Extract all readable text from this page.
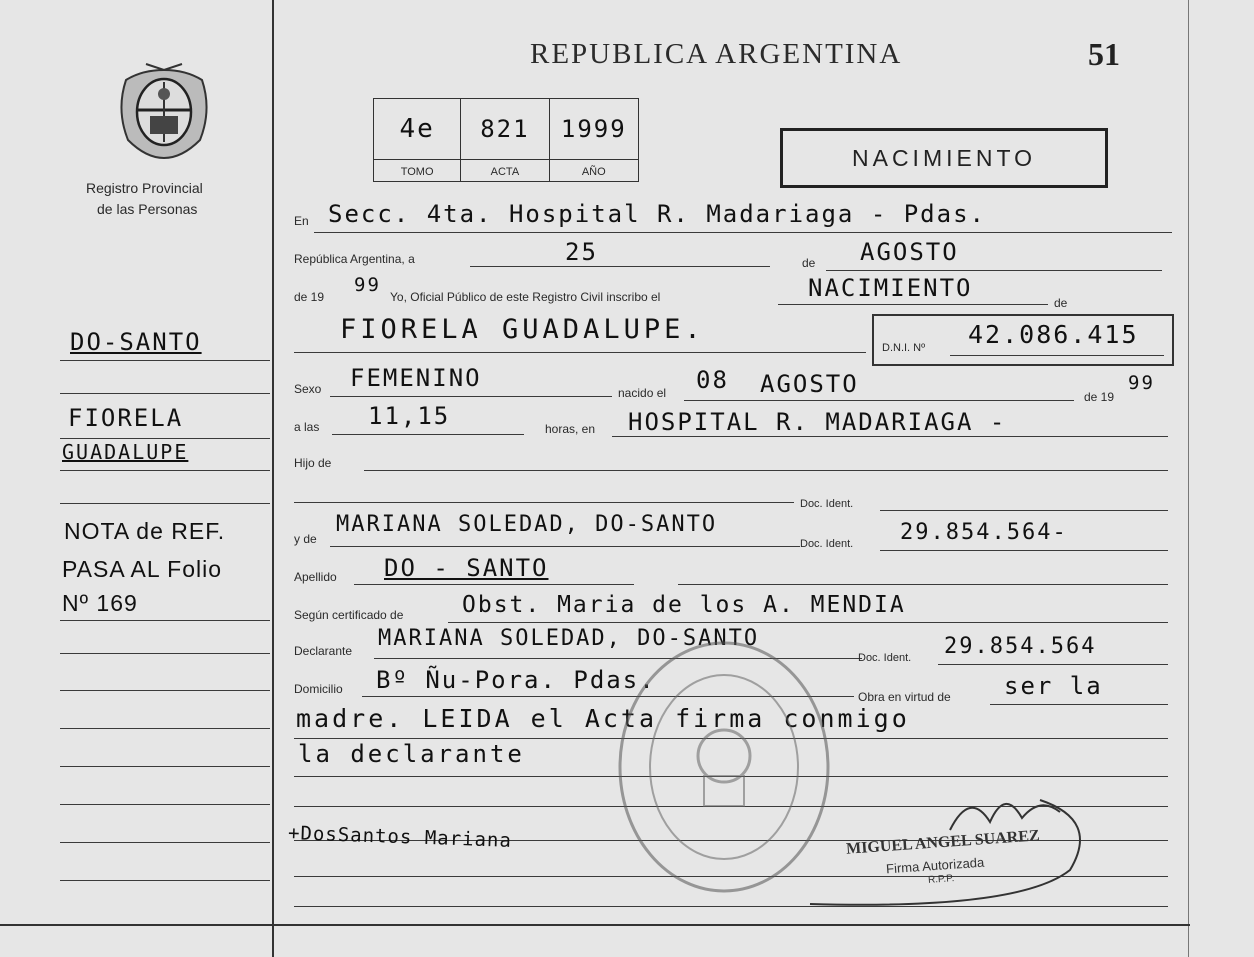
Registro Provincial
de las Personas
DO-SANTO
FIORELA
GUADALUPE
NOTA de REF.
PASA AL Folio
Nº 169
REPUBLICA ARGENTINA	51
4e	821	1999
TOMO	ACTA	AÑO
NACIMIENTO
En Secc. 4ta. Hospital R. Madariaga - Pdas.
República Argentina, a	25	de AGOSTO
de 19
99
Yo, Oficial Público de este Registro Civil inscribo el	NACIMIENTO
de
FIORELA GUADALUPE.
D.N.I. Nº 42.086.415
Sexo FEMENINO
nacido el 08 AGOSTO	de 19
99
a las 11,15	horas, en HOSPITAL R. MADARIAGA -
Hijo de
Doc. Ident.
y de
MARIANA SOLEDAD, DO-SANTO
Doc. Ident. 29.854.564-
Apellido DO - SANTO
Según certificado de	Obst. Maria de los A. MENDIA
Declarante MARIANA SOLEDAD, DO-SANTO
Doc. Ident. 29.854.564
Domicilio Bº Ñu-Pora. Pdas.
Obra en virtud de ser la
madre. LEIDA el Acta firma conmigo
la declarante
+DosSantos Mariana	MIGUEL ANGEL SUAREZ
Firma Autorizada
R.P.P.
